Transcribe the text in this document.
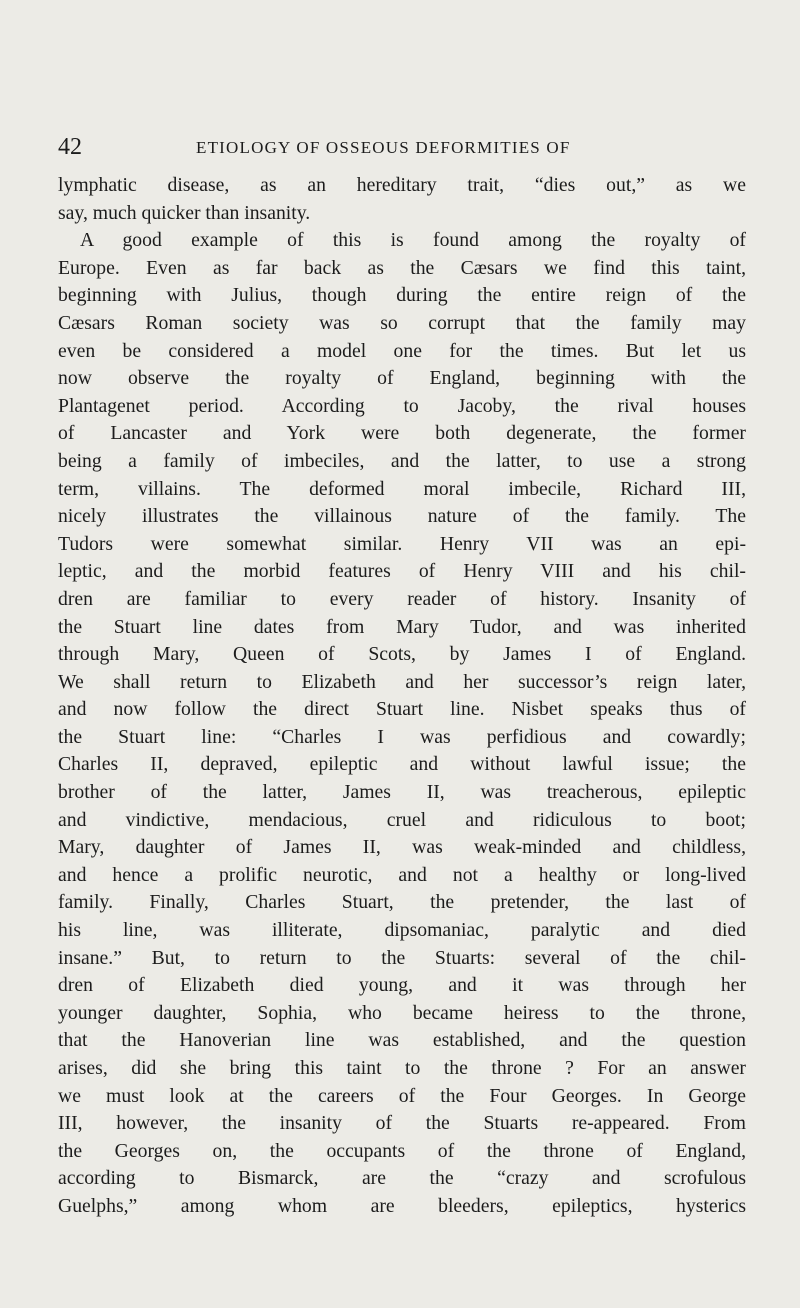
42	ETIOLOGY OF OSSEOUS DEFORMITIES OF
lymphatic disease, as an hereditary trait, “dies out,” as we
say, much quicker than insanity.
A good example of this is found among the royalty of
Europe. Even as far back as the Cæsars we find this taint,
beginning with Julius, though during the entire reign of the
Cæsars Roman society was so corrupt that the family may
even be considered a model one for the times. But let us
now observe the royalty of England, beginning with the
Plantagenet period. According to Jacoby, the rival houses
of Lancaster and York were both degenerate, the former
being a family of imbeciles, and the latter, to use a strong
term, villains. The deformed moral imbecile, Richard III,
nicely illustrates the villainous nature of the family. The
Tudors were somewhat similar. Henry VII was an epi-
leptic, and the morbid features of Henry VIII and his chil-
dren are familiar to every reader of history. Insanity of
the Stuart line dates from Mary Tudor, and was inherited
through Mary, Queen of Scots, by James I of England.
We shall return to Elizabeth and her successor’s reign later,
and now follow the direct Stuart line. Nisbet speaks thus of
the Stuart line: “Charles I was perfidious and cowardly;
Charles II, depraved, epileptic and without lawful issue; the
brother of the latter, James II, was treacherous, epileptic
and vindictive, mendacious, cruel and ridiculous to boot;
Mary, daughter of James II, was weak-minded and childless,
and hence a prolific neurotic, and not a healthy or long-lived
family. Finally, Charles Stuart, the pretender, the last of
his line, was illiterate, dipsomaniac, paralytic and died
insane.” But, to return to the Stuarts: several of the chil-
dren of Elizabeth died young, and it was through her
younger daughter, Sophia, who became heiress to the throne,
that the Hanoverian line was established, and the question
arises, did she bring this taint to the throne ? For an answer
we must look at the careers of the Four Georges. In George
III, however, the insanity of the Stuarts re-appeared. From
the Georges on, the occupants of the throne of England,
according to Bismarck, are the “crazy and scrofulous
Guelphs,” among whom are bleeders, epileptics, hysterics
